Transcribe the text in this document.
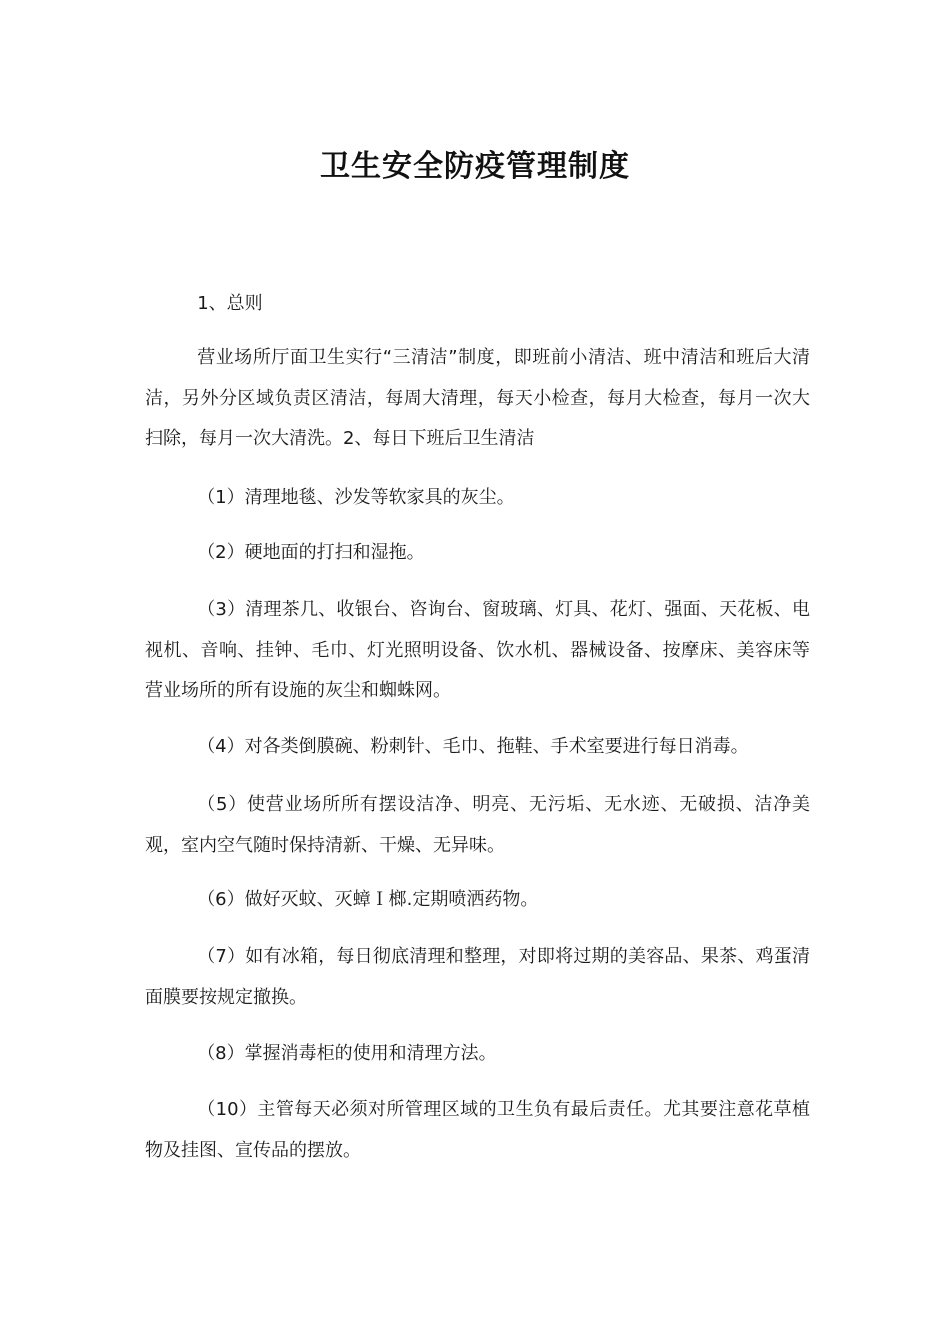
卫生安全防疫管理制度

1、总则

营业场所厅面卫生实行“三清洁”制度，即班前小清洁、班中清洁和班后大清洁，另外分区域负责区清洁，每周大清理，每天小检查，每月大检查，每月一次大扫除，每月一次大清洗。2、每日下班后卫生清洁

（1）清理地毯、沙发等软家具的灰尘。

（2）硬地面的打扫和湿拖。

（3）清理茶几、收银台、咨询台、窗玻璃、灯具、花灯、强面、天花板、电视机、音响、挂钟、毛巾、灯光照明设备、饮水机、器械设备、按摩床、美容床等营业场所的所有设施的灰尘和蜘蛛网。

（4）对各类倒膜碗、粉刺针、毛巾、拖鞋、手术室要进行每日消毒。

（5）使营业场所所有摆设洁净、明亮、无污垢、无水迹、无破损、洁净美观，室内空气随时保持清新、干燥、无异味。

（6）做好灭蚊、灭蟑Ｉ榔.定期喷洒药物。

（7）如有冰箱，每日彻底清理和整理，对即将过期的美容品、果茶、鸡蛋清面膜要按规定撤换。

（8）掌握消毒柜的使用和清理方法。

（10）主管每天必须对所管理区域的卫生负有最后责任。尤其要注意花草植物及挂图、宣传品的摆放。
